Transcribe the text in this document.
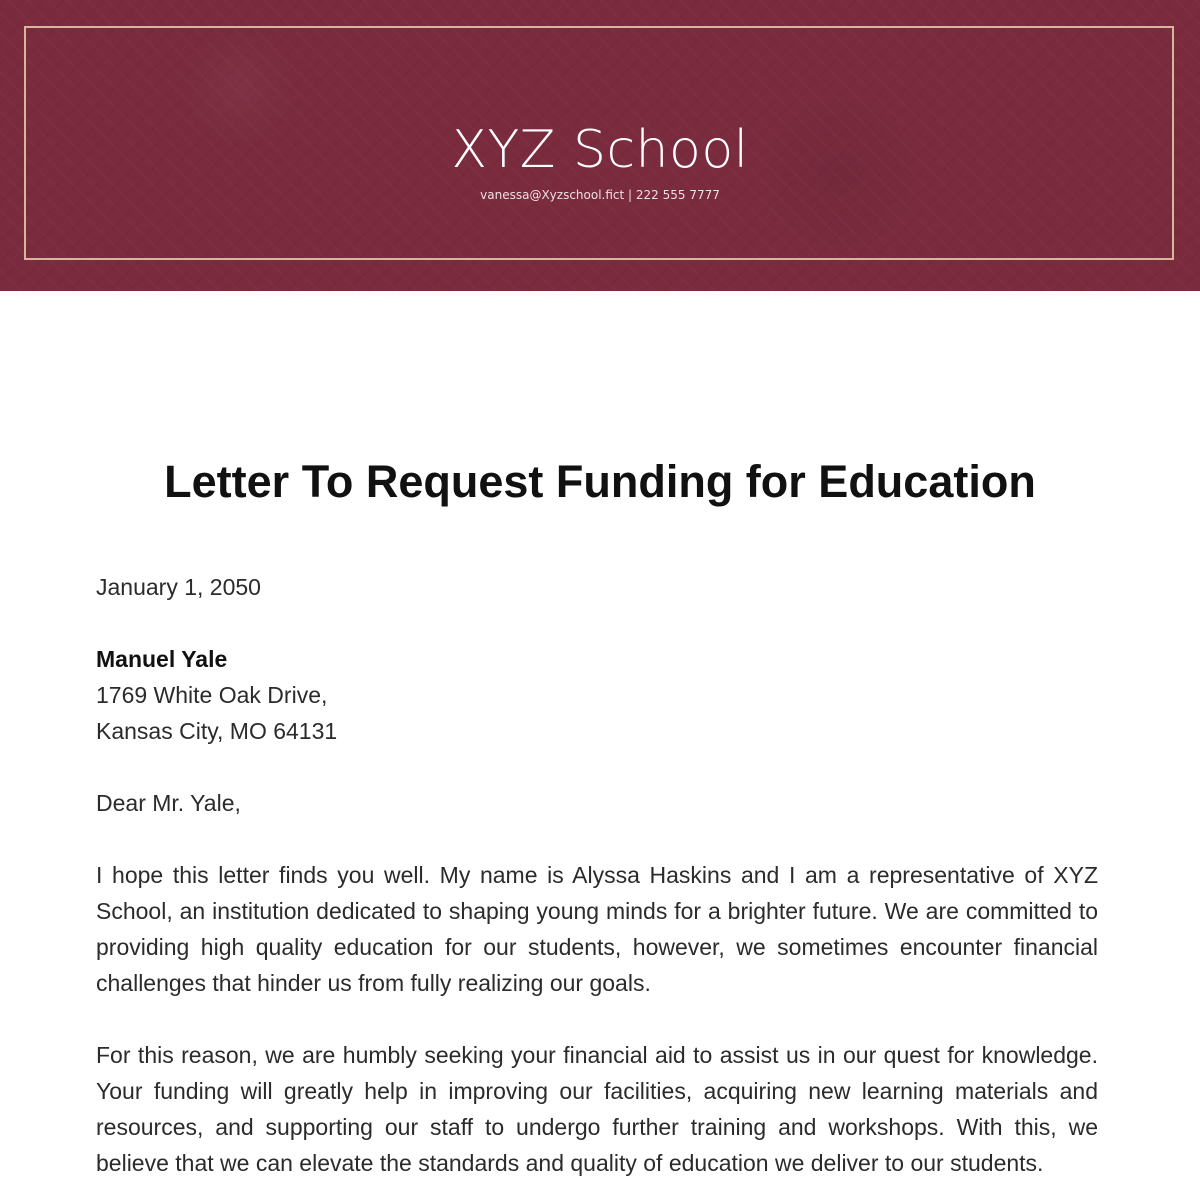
XYZ School
vanessa@Xyzschool.fict | 222 555 7777
Letter To Request Funding for Education
January 1, 2050
Manuel Yale
1769 White Oak Drive,
Kansas City, MO 64131
Dear Mr. Yale,
I hope this letter finds you well. My name is Alyssa Haskins and I am a representative of XYZ School, an institution dedicated to shaping young minds for a brighter future. We are committed to providing high quality education for our students, however, we sometimes encounter financial challenges that hinder us from fully realizing our goals.
For this reason, we are humbly seeking your financial aid to assist us in our quest for knowledge. Your funding will greatly help in improving our facilities, acquiring new learning materials and resources, and supporting our staff to undergo further training and workshops. With this, we believe that we can elevate the standards and quality of education we deliver to our students.
